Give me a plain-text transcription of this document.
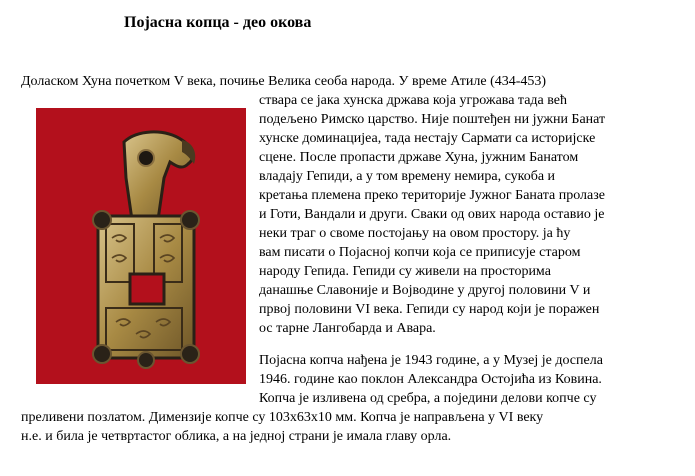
Појасна копца - део окова
Доласком Хуна почетком V века, почиње Велика сеоба народа. У време Атиле (434-453)
ствара се јака хунска држава која угрожава тада већ
подељено Римско царство. Није поштеђен ни јужни Банат
хунске доминацијеа, тада нестају Сармати са историјске
сцене. После пропасти државе Хуна, јужним Банатом
владају Гепиди, а у том времену немира, сукоба и
кретања племена преко територије Јужног Баната пролазе
и Готи, Вандали и други. Сваки од ових народа оставио је
неки траг о своме постојању на овом простору. ја ћу
вам писати о Појасној копчи која се приписује старом
народу Гепида. Гепиди су живели на просторима
данашње Славоније и Војводине у другој половини V и
првој половини VI века. Гепиди су народ који је поражен
ос тарне Лангобарда и Авара.
Појасна копча нађена је 1943 године, а у Музеј је доспела
1946. године као поклон Александра Остојића из Ковина.
Копча је изливена од сребра, а поједини делови копче су
преливени позлатом. Димензије копче су 103x63x10 мм. Копча је направљена у VI веку
н.е. и била је четвртастог облика, а на једној страни је имала главу орла.
